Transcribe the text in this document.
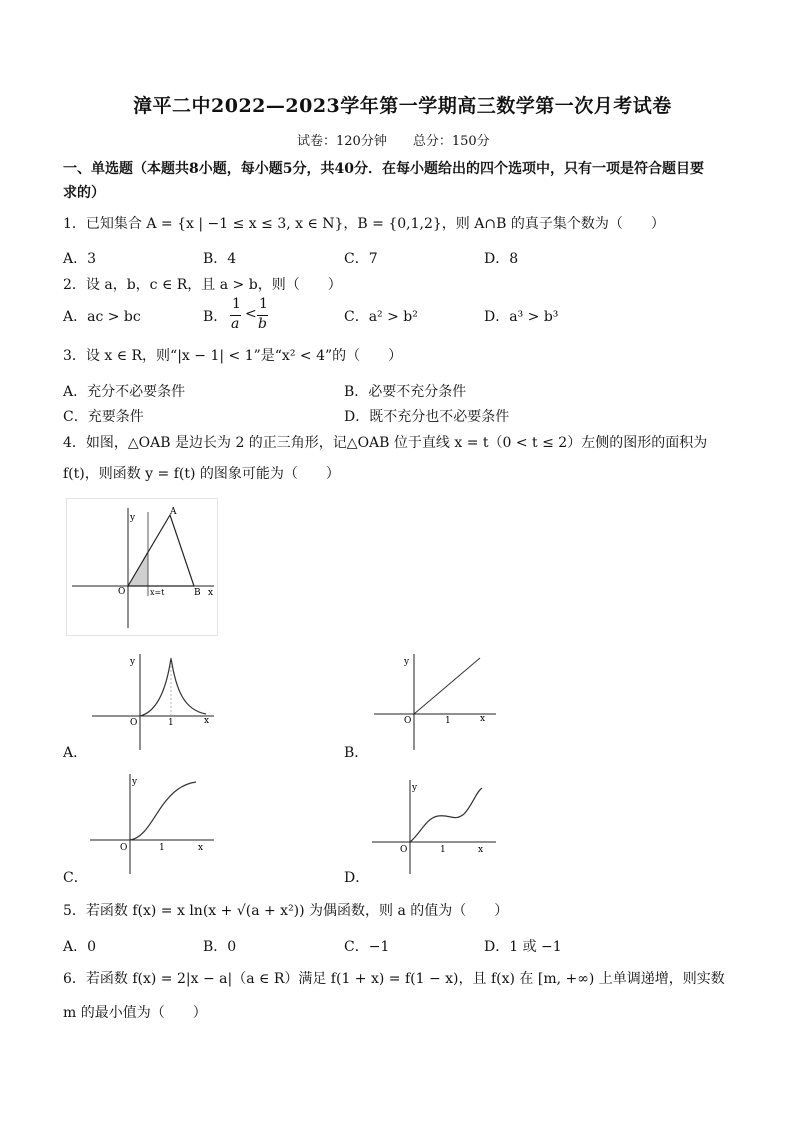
漳平二中2022—2023学年第一学期高三数学第一次月考试卷
试卷：120分钟　　总分：150分
一、单选题（本题共8小题，每小题5分，共40分．在每小题给出的四个选项中，只有一项是符合题目要
求的）
1．已知集合 A = {x | −1 ≤ x ≤ 3, x ∈ N}，B = {0,1,2}，则 A∩B 的真子集个数为（　　）
A．3	B．4	C．7	D．8
2．设 a，b，c ∈ R，且 a > b，则（　　）
A．ac > bc	B．
1
a
<
1
b	C．a² > b²	D．a³ > b³
3．设 x ∈ R，则“|x − 1| < 1”是“x² < 4”的（　　）
A．充分不必要条件	B．必要不充分条件
C．充要条件	D．既不充分也不必要条件
4．如图，△OAB 是边长为 2 的正三角形，记△OAB 位于直线 x = t（0 < t ≤ 2）左侧的图形的面积为
f(t)，则函数 y = f(t) 的图象可能为（　　）
y
A
O	x=t	B x
y
O	1	x
A．
y
O	1	x
B．
y
O	1	x
C．
y
O	1	x
D．
5．若函数 f(x) = x ln(x + √(a + x²)) 为偶函数，则 a 的值为（　　）
A．0	B．0	C．−1	D．1 或 −1
6．若函数 f(x) = 2|x − a|（a ∈ R）满足 f(1 + x) = f(1 − x)，且 f(x) 在 [m, +∞) 上单调递增，则实数
m 的最小值为（　　）
